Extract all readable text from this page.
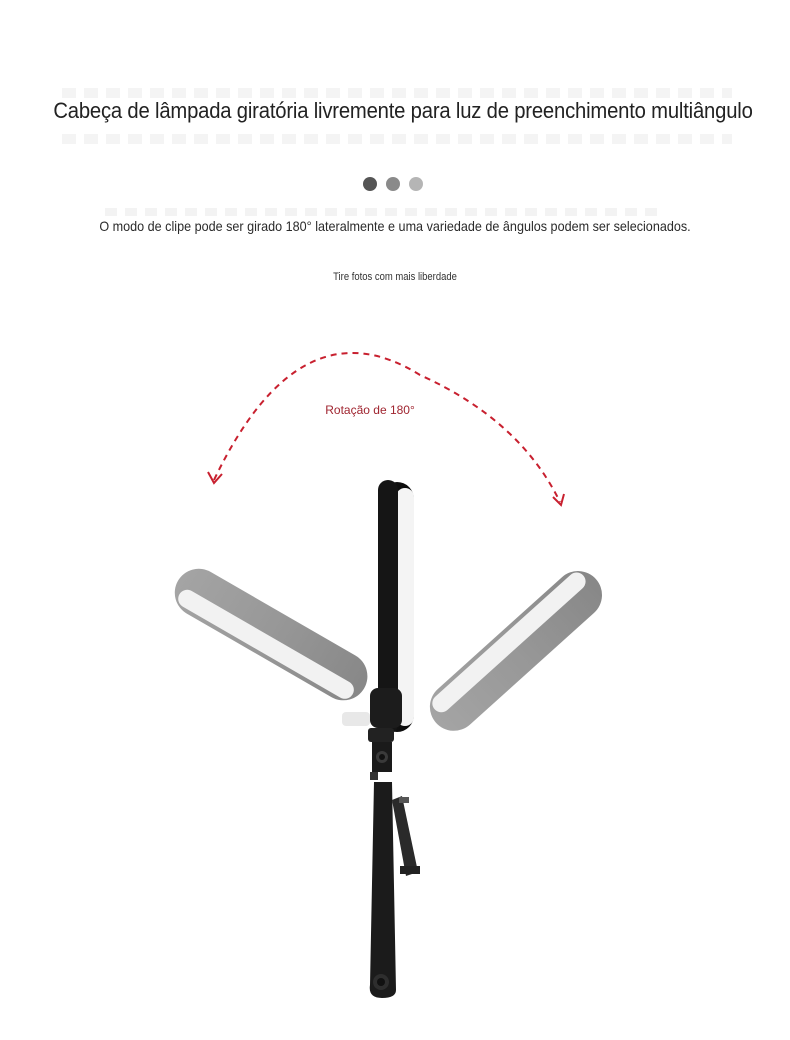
Cabeça de lâmpada giratória livremente para luz de preenchimento multiângulo
O modo de clipe pode ser girado 180° lateralmente e uma variedade de ângulos podem ser selecionados.
Tire fotos com mais liberdade
Rotação de 180°
